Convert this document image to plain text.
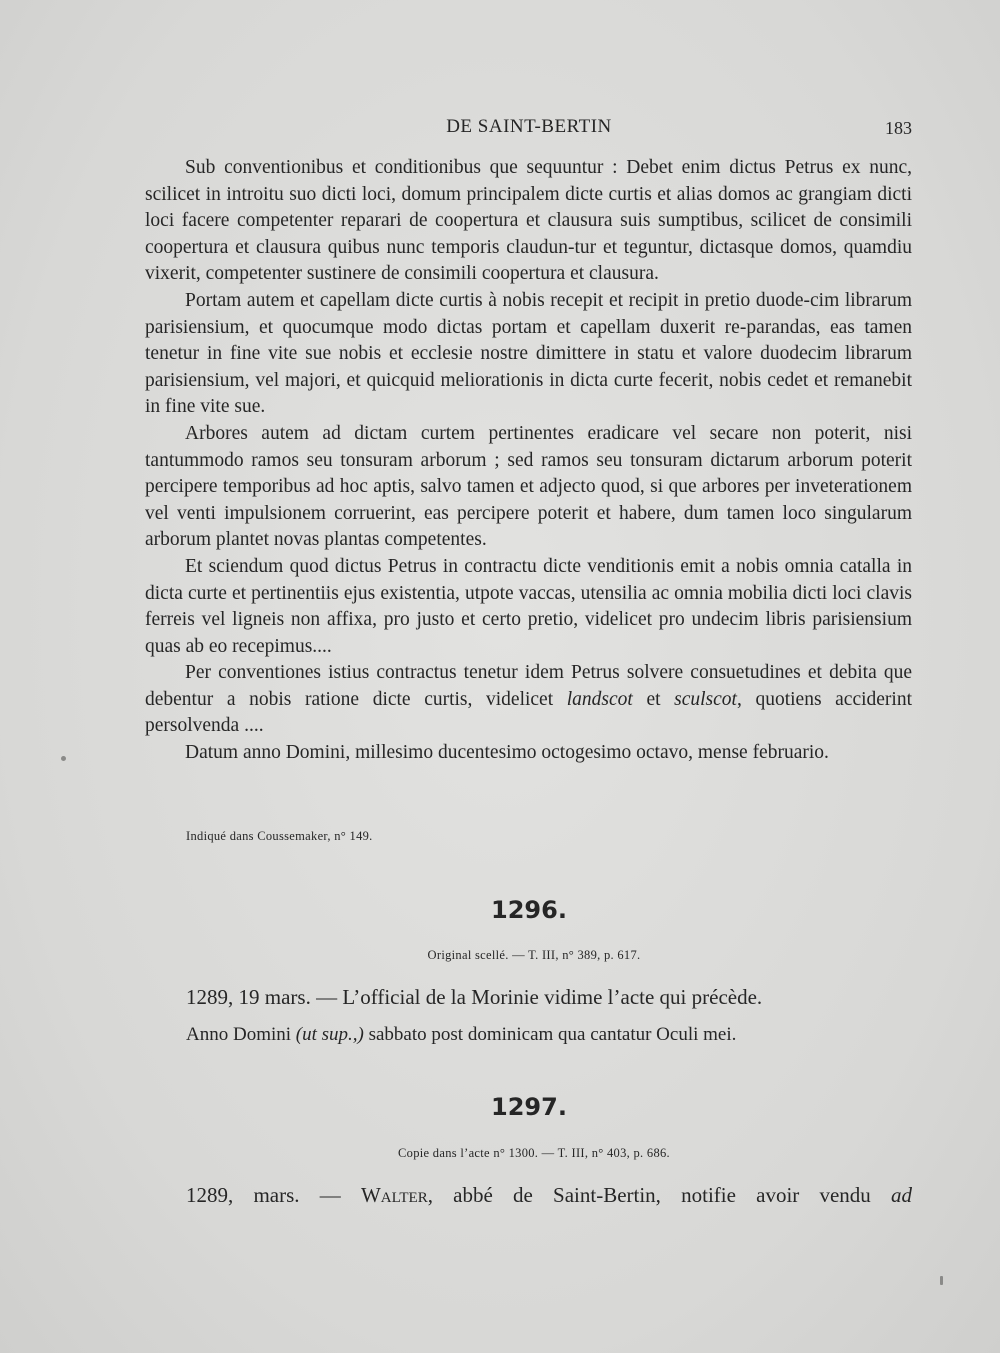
DE SAINT-BERTIN	183

Sub conventionibus et conditionibus que sequuntur : Debet enim dictus Petrus ex nunc, scilicet in introitu suo dicti loci, domum principalem dicte curtis et alias domos ac grangiam dicti loci facere competenter reparari de coopertura et clausura suis sumptibus, scilicet de consimili coopertura et clausura quibus nunc temporis claudun-tur et teguntur, dictasque domos, quamdiu vixerit, competenter sustinere de consimili coopertura et clausura.

Portam autem et capellam dicte curtis à nobis recepit et recipit in pretio duode-cim librarum parisiensium, et quocumque modo dictas portam et capellam duxerit re-parandas, eas tamen tenetur in fine vite sue nobis et ecclesie nostre dimittere in statu et valore duodecim librarum parisiensium, vel majori, et quicquid meliorationis in dicta curte fecerit, nobis cedet et remanebit in fine vite sue.

Arbores autem ad dictam curtem pertinentes eradicare vel secare non poterit, nisi tantummodo ramos seu tonsuram arborum ; sed ramos seu tonsuram dictarum arborum poterit percipere temporibus ad hoc aptis, salvo tamen et adjecto quod, si que arbores per inveterationem vel venti impulsionem corruerint, eas percipere poterit et habere, dum tamen loco singularum arborum plantet novas plantas competentes.

Et sciendum quod dictus Petrus in contractu dicte venditionis emit a nobis omnia catalla in dicta curte et pertinentiis ejus existentia, utpote vaccas, utensilia ac omnia mobilia dicti loci clavis ferreis vel ligneis non affixa, pro justo et certo pretio, videlicet pro undecim libris parisiensium quas ab eo recepimus....

Per conventiones istius contractus tenetur idem Petrus solvere consuetudines et debita que debentur a nobis ratione dicte curtis, videlicet landscot et sculscot, quotiens acciderint persolvenda ....

Datum anno Domini, millesimo ducentesimo octogesimo octavo, mense februario.

Indiqué dans Coussemaker, n° 149.
1296.
Original scellé. — T. III, n° 389, p. 617.
1289, 19 mars. — L’official de la Morinie vidime l’acte qui précède.
Anno Domini (ut sup.,) sabbato post dominicam qua cantatur Oculi mei.
1297.
Copie dans l’acte n° 1300. — T. III, n° 403, p. 686.
1289, mars. — Walter, abbé de Saint-Bertin, notifie avoir vendu ad
